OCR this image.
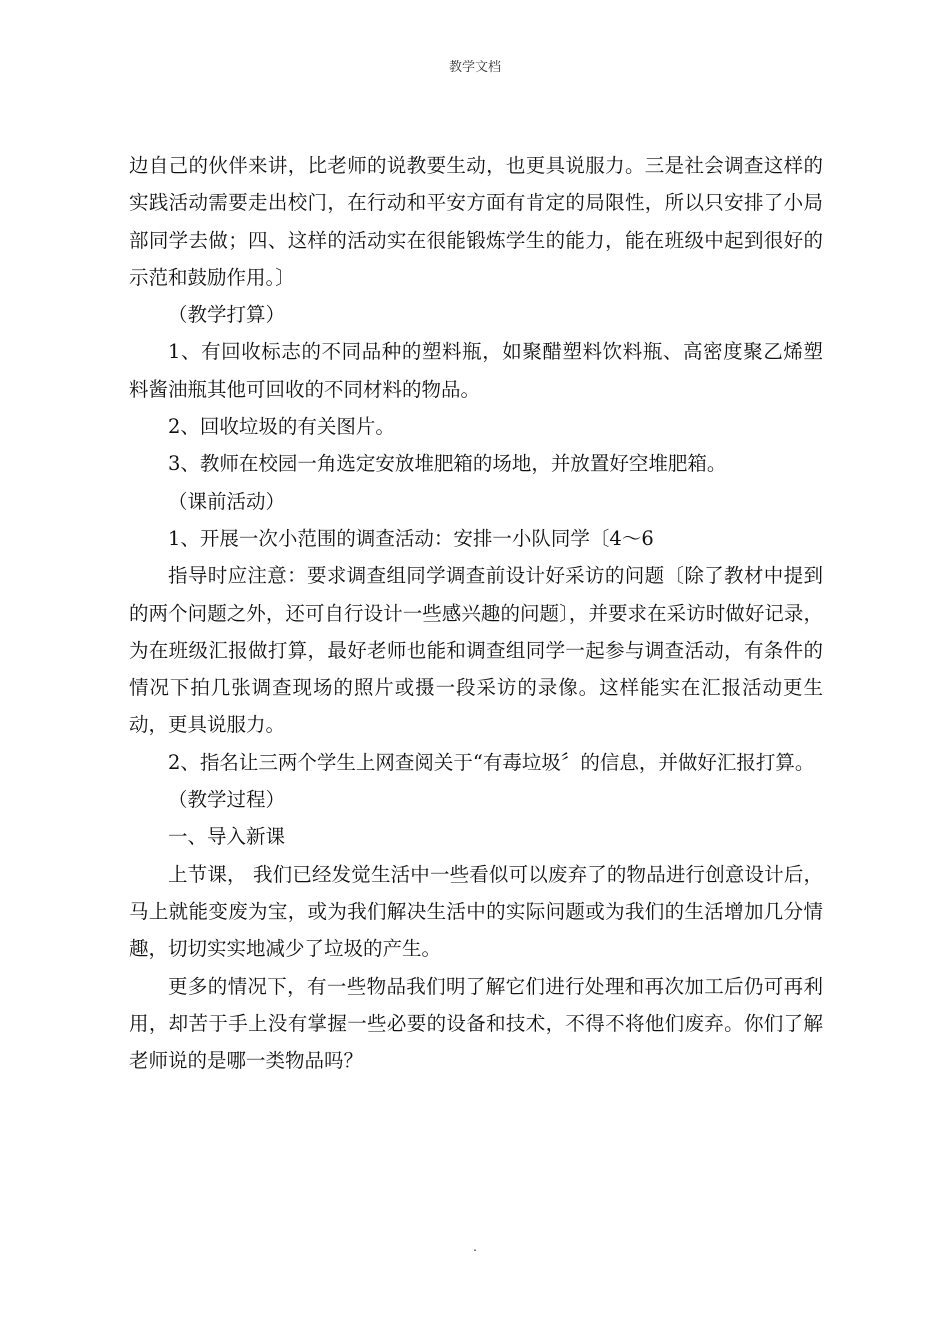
教学文档

边自己的伙伴来讲，比老师的说教要生动，也更具说服力。三是社会调查这样的实践活动需要走出校门，在行动和平安方面有肯定的局限性，所以只安排了小局部同学去做；四、这样的活动实在很能锻炼学生的能力，能在班级中起到很好的示范和鼓励作用。〕

（教学打算）

1、有回收标志的不同品种的塑料瓶，如聚醋塑料饮料瓶、高密度聚乙烯塑料酱油瓶其他可回收的不同材料的物品。

2、回收垃圾的有关图片。

3、教师在校园一角选定安放堆肥箱的场地，并放置好空堆肥箱。

（课前活动）

1、开展一次小范围的调查活动：安排一小队同学〔4～6

指导时应注意：要求调查组同学调查前设计好采访的问题〔除了教材中提到的两个问题之外，还可自行设计一些感兴趣的问题〕，并要求在采访时做好记录，为在班级汇报做打算，最好老师也能和调查组同学一起参与调查活动，有条件的情况下拍几张调查现场的照片或摄一段采访的录像。这样能实在汇报活动更生动，更具说服力。

2、指名让三两个学生上网查阅关于“有毒垃圾〞的信息，并做好汇报打算。

（教学过程）

一、导入新课

上节课， 我们已经发觉生活中一些看似可以废弃了的物品进行创意设计后，马上就能变废为宝，或为我们解决生活中的实际问题或为我们的生活增加几分情趣，切切实实地减少了垃圾的产生。

更多的情况下，有一些物品我们明了解它们进行处理和再次加工后仍可再利用，却苦于手上没有掌握一些必要的设备和技术，不得不将他们废弃。你们了解老师说的是哪一类物品吗？

.
